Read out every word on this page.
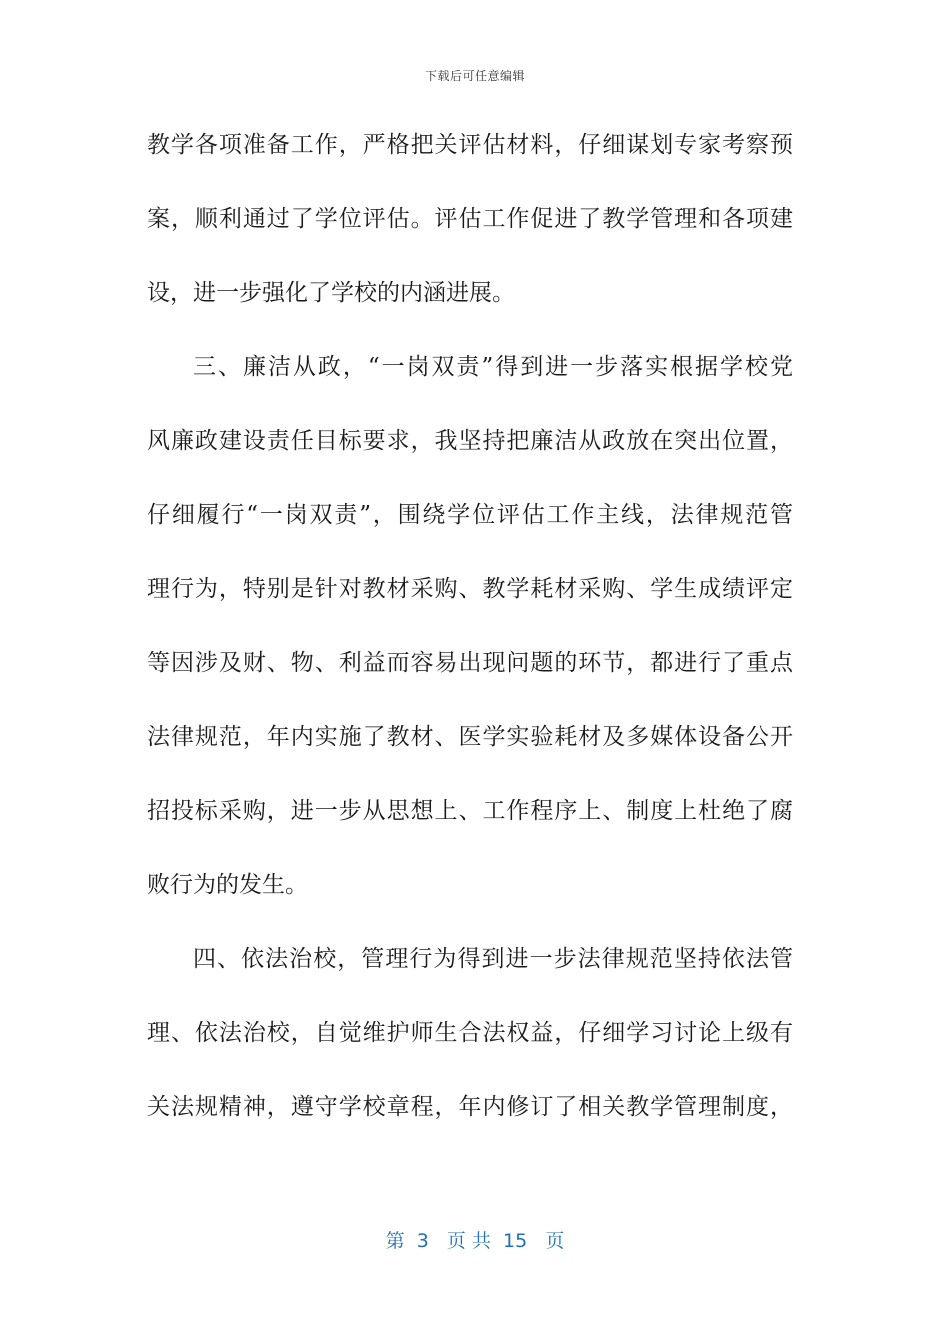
下载后可任意编辑
教学各项准备工作，严格把关评估材料，仔细谋划专家考察预
案，顺利通过了学位评估。评估工作促进了教学管理和各项建
设，进一步强化了学校的内涵进展。
三、廉洁从政，“一岗双责”得到进一步落实根据学校党
风廉政建设责任目标要求，我坚持把廉洁从政放在突出位置，
仔细履行“一岗双责”，围绕学位评估工作主线，法律规范管
理行为，特别是针对教材采购、教学耗材采购、学生成绩评定
等因涉及财、物、利益而容易出现问题的环节，都进行了重点
法律规范，年内实施了教材、医学实验耗材及多媒体设备公开
招投标采购，进一步从思想上、工作程序上、制度上杜绝了腐
败行为的发生。
四、依法治校，管理行为得到进一步法律规范坚持依法管
理、依法治校，自觉维护师生合法权益，仔细学习讨论上级有
关法规精神，遵守学校章程，年内修订了相关教学管理制度，
第  3   页 共  15   页
